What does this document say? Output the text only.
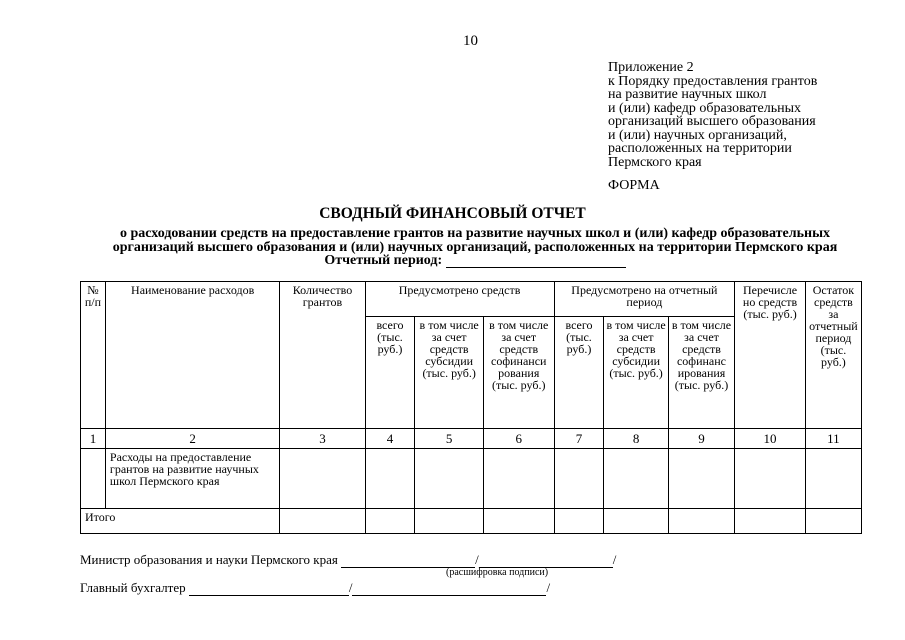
10
Приложение 2
к Порядку предоставления грантов
на развитие научных школ
и (или) кафедр образовательных
организаций высшего образования
и (или) научных организаций,
расположенных на территории
Пермского края
ФОРМА
СВОДНЫЙ ФИНАНСОВЫЙ ОТЧЕТ
о расходовании средств на предоставление грантов на развитие научных школ и (или) кафедр образовательных
организаций высшего образования и (или) научных организаций, расположенных на территории Пермского края
Отчетный период:
№ п/п	Наименование расходов	Количество грантов	Предусмотрено средств			Предусмотрено на отчетный период			Перечисле но средств (тыс. руб.)	Остаток средств за отчетный период (тыс. руб.)
			всего (тыс. руб.)	в том числе за счет средств субсидии (тыс. руб.)	в том числе за счет средств софинанси рования (тыс. руб.)	всего (тыс. руб.)	в том числе за счет средств субсидии (тыс. руб.)	в том числе за счет средств софинанс ирования (тыс. руб.)		
1	2	3	4	5	6	7	8	9	10	11
	Расходы на предоставление грантов на развитие научных школ Пермского края									
Итого										
Министр образования и науки Пермского края	/	/
(расшифровка подписи)
Главный бухгалтер	/	/
